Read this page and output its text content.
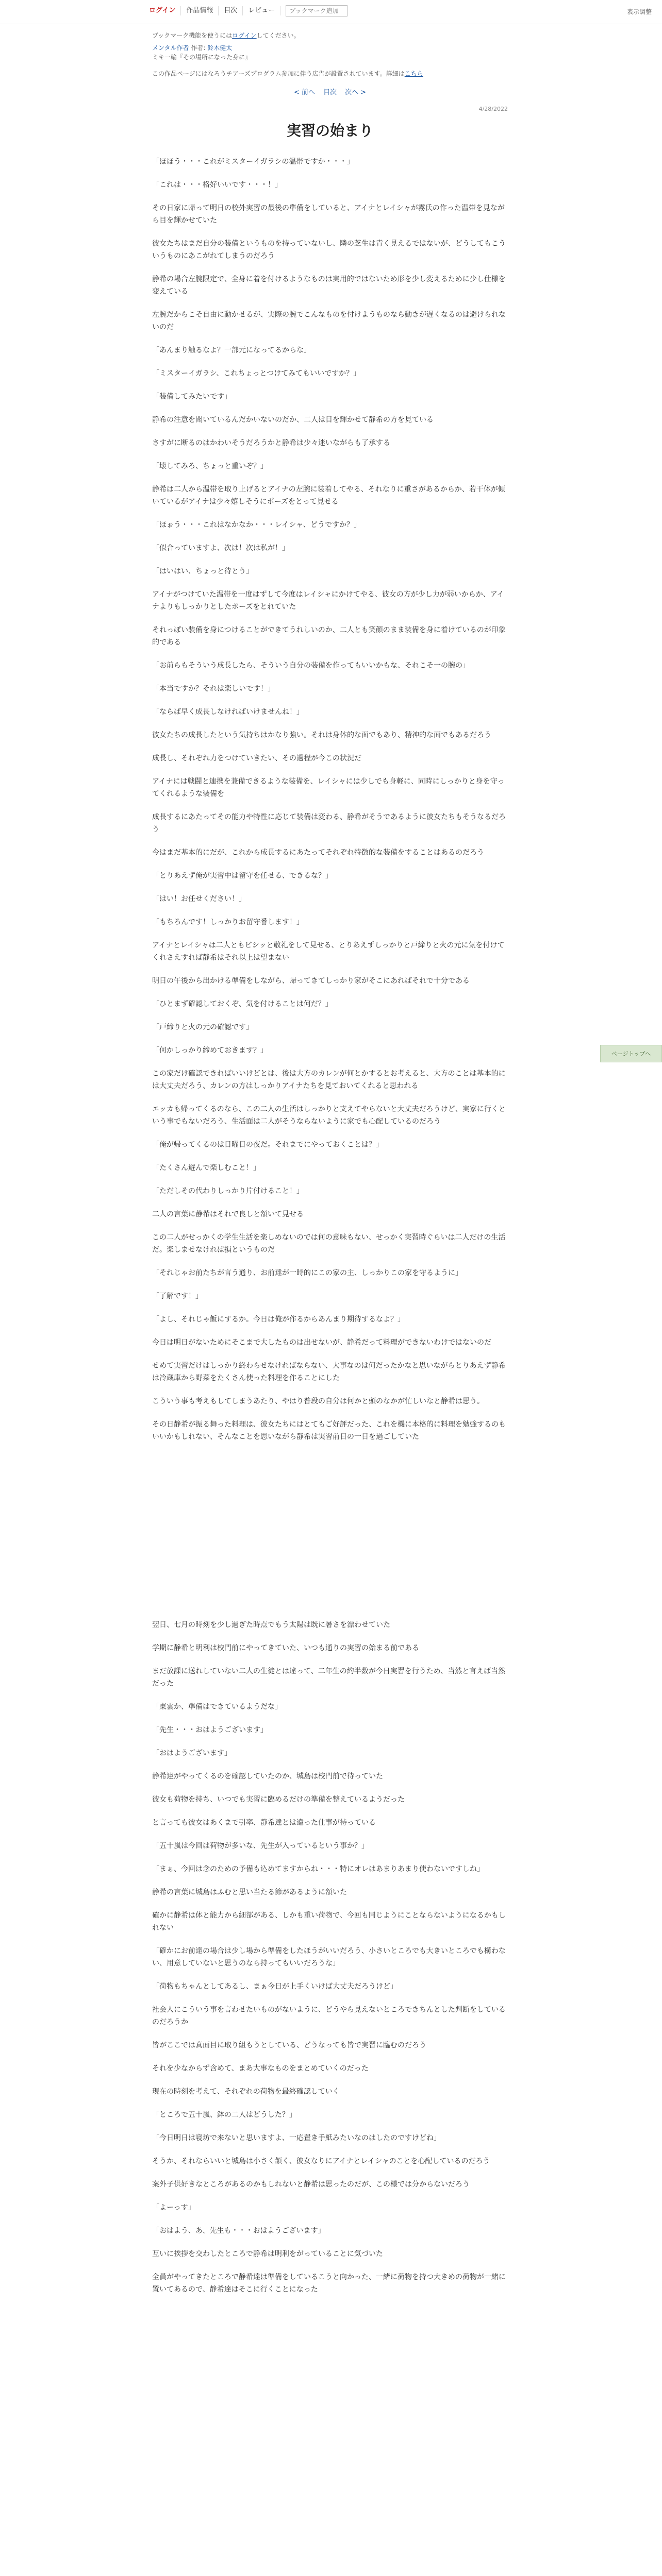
ログイン	作品情報	目次	レビュー
ブックマーク追加	表示調整
ブックマーク機能を使うにはログインしてください。
メンタル作者 作者: 鈴木健太
ミキ一輪『その場所になった身に』
この作品ページにはなろうチアーズプログラム参加に伴う広告が設置されています。詳細はこちら
< 前へ 目次 次へ >
4/28/2022
実習の始まり

「ほほう・・・これがミスターイガラシの温帯ですか・・・」

「これは・・・格好いいです・・・！」

その日家に帰って明日の校外実習の最後の準備をしていると、アイナとレイシャが霧氏の作った温帯を見ながら目を輝かせていた

彼女たちはまだ自分の装備というものを持っていないし、隣の芝生は青く見えるではないが、どうしてもこういうものにあこがれてしまうのだろう

静希の場合左腕限定で、全身に着を付けるようなものは実用的ではないため形を少し変えるために少し仕様を変えている

左腕だからこそ自由に動かせるが、実際の腕でこんなものを付けようものなら動きが遅くなるのは避けられないのだ

「あんまり触るなよ？一部元になってるからな」

「ミスターイガラシ、これちょっとつけてみてもいいですか？」

「装備してみたいです」

静希の注意を聞いているんだかいないのだか、二人は目を輝かせて静希の方を見ている

さすがに断るのはかわいそうだろうかと静希は少々迷いながらも了承する

「壊してみろ、ちょっと重いぞ？」

静希は二人から温帯を取り上げるとアイナの左腕に装着してやる、それなりに重さがあるからか、若干体が傾いているがアイナは少々嬉しそうにポーズをとって見せる

「ほぉう・・・これはなかなか・・・レイシャ、どうですか？」

「似合っていますよ、次は！次は私が！」

「はいはい、ちょっと待とう」

アイナがつけていた温帯を一度はずして今度はレイシャにかけてやる、彼女の方が少し力が弱いからか、アイナよりもしっかりとしたポーズをとれていた

それっぽい装備を身につけることができてうれしいのか、二人とも笑顔のまま装備を身に着けているのが印象的である

「お前らもそういう成長したら、そういう自分の装備を作ってもいいかもな、それこそ一の腕の」

「本当ですか？それは楽しいです！」

「ならば早く成長しなければいけませんね！」

彼女たちの成長したという気持ちはかなり強い。それは身体的な面でもあり、精神的な面でもあるだろう

成長し、それぞれ力をつけていきたい、その過程が今この状況だ

アイナには戦闘と連携を兼備できるような装備を、レイシャには少しでも身軽に、同時にしっかりと身を守ってくれるような装備を

成長するにあたってその能力や特性に応じて装備は変わる、静希がそうであるように彼女たちもそうなるだろう

今はまだ基本的にだが、これから成長するにあたってそれぞれ特徴的な装備をすることはあるのだろう

「とりあえず俺が実習中は留守を任せる、できるな？」

「はい！お任せください！」

「もちろんです！しっかりお留守番します！」

アイナとレイシャは二人ともビシッと敬礼をして見せる、とりあえずしっかりと戸締りと火の元に気を付けてくれさえすれば静希はそれ以上は望まない

明日の午後から出かける準備をしながら、帰ってきてしっかり家がそこにあればそれで十分である

「ひとまず確認しておくぞ、気を付けることは何だ？」

「戸締りと火の元の確認です」

「何かしっかり締めておきます？」

この家だけ確認できればいいけどとは、後は大方のカレンが何とかするとお考えると、大方のことは基本的には大丈夫だろう、カレンの方はしっかりアイナたちを見ておいてくれると思われる

エッカも帰ってくるのなら、この二人の生活はしっかりと支えてやらないと大丈夫だろうけど、実家に行くという事でもないだろう、生活面は二人がそうならないように家でも心配しているのだろう

「俺が帰ってくるのは日曜日の夜だ。それまでにやっておくことは？」

「たくさん遊んで楽しむこと！」

「ただしその代わりしっかり片付けること！」

二人の言葉に静希はそれで良しと頷いて見せる

この二人がせっかくの学生生活を楽しめないのでは何の意味もない、せっかく実習時ぐらいは二人だけの生活だ。楽しませなければ損というものだ

「それじゃお前たちが言う通り、お前達が一時的にこの家の主、しっかりこの家を守るように」

「了解です！」

「よし、それじゃ飯にするか。今日は俺が作るからあんまり期待するなよ？」

今日は明日がないためにそこまで大したものは出せないが、静希だって料理ができないわけではないのだ

せめて実習だけはしっかり終わらせなければならない、大事なのは何だったかなと思いながらとりあえず静希は冷蔵庫から野菜をたくさん使った料理を作ることにした

こういう事も考えもしてしまうあたり、やはり普段の自分は何かと頭のなかが忙しいなと静希は思う。

その日静希が振る舞った料理は、彼女たちにはとてもご好評だった、これを機に本格的に料理を勉強するのもいいかもしれない、そんなことを思いながら静希は実習前日の一日を過ごしていた

翌日、七月の時刻を少し過ぎた時点でもう太陽は既に暑さを漂わせていた

学期に静希と明利は校門前にやってきていた、いつも通りの実習の始まる前である

まだ放課に送れしていない二人の生徒とは違って、二年生の約半数が今日実習を行うため、当然と言えば当然だった

「東雲か、準備はできているようだな」

「先生・・・おはようございます」

「おはようございます」

静希達がやってくるのを確認していたのか、城島は校門前で待っていた

彼女も荷物を持ち、いつでも実習に臨めるだけの準備を整えているようだった

と言っても彼女はあくまで引率、静希達とは違った仕事が待っている

「五十嵐は今回は荷物が多いな、先生が入っているという事か？」

「まぁ、今回は念のための予備も込めてますからね・・・特にオレはあまりあまり使わないですしね」

静希の言葉に城島はふむと思い当たる節があるように頷いた

確かに静希は体と能力から細部がある、しかも重い荷物で、今回も同じようにことならないようになるかもしれない

「確かにお前達の場合は少し場から準備をしたほうがいいだろう、小さいところでも大きいところでも構わない、用意していないと思うのなら持ってもいいだろうな」

「荷物もちゃんとしてあるし、まぁ今日が上手くいけば大丈夫だろうけど」

社会人にこういう事を言わせたいものがないように、どうやら見えないところできちんとした判断をしているのだろうか

皆がここでは真面目に取り組もうとしている、どうなっても皆で実習に臨むのだろう

それを少なからず含めて、まあ大事なものをまとめていくのだった

現在の時刻を考えて、それぞれの荷物を最終確認していく

「ところで五十嵐、鉢の二人はどうした？」

「今日明日は寝坊で来ないと思いますよ、一応置き手紙みたいなのはしたのですけどね」

そうか、それならいいと城島は小さく頷く、彼女なりにアイナとレイシャのことを心配しているのだろう

案外子供好きなところがあるのかもしれないと静希は思ったのだが、この様では分からないだろう

「よーっす」

「おはよう、あ、先生も・・・おはようございます」

互いに挨拶を交わしたところで静希は明利をがっていることに気づいた

全員がやってきたところで静希達は準備をしているこうと向かった、一緒に荷物を持つ大きめの荷物が一緒に置いてあるので、静希達はそこに行くことになった

ページトップへ
